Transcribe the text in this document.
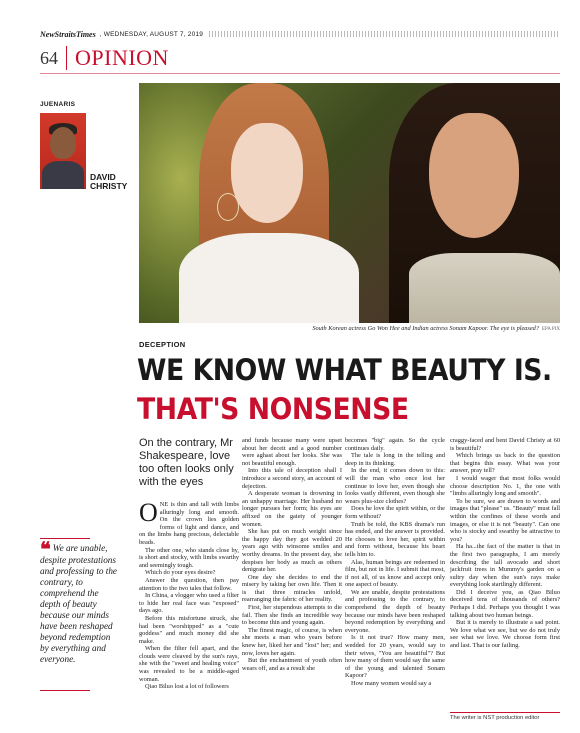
NewStraitsTimes , WEDNESDAY, AUGUST 7, 2019
64 OPINION
JUENARIS
DAVID
CHRISTY
South Korean actress Go Won Hee and Indian actress Sonam Kapoor. The eye is pleased? EPA PIX
DECEPTION
WE KNOW WHAT BEAUTY IS.
THAT'S NONSENSE
On the contrary, Mr Shakespeare, love too often looks only with the eyes

ONE is thin and tall with limbs alluringly long and smooth. On the crown lies golden forms of light and dance, and on the limbs hang precious, delectable beads.

The other one, who stands close by, is short and stocky, with limbs swarthy and seemingly tough.

Which do your eyes desire?

Answer the question, then pay attention to the two tales that follow.

In China, a vlogger who used a filter to hide her real face was "exposed" days ago.

Before this misfortune struck, she had been "worshipped" as a "cute goddess" and much money did she make.

When the filter fell apart, and the clouds were cleaved by the sun's rays, she with the "sweet and healing voice" was revealed to be a middle-aged woman.

Qiao Biluo lost a lot of followers

and funds because many were upset about her deceit and a good number were aghast about her looks. She was not beautiful enough.

Into this tale of deception shall I introduce a second story, an account of dejection.

A desperate woman is drowning in an unhappy marriage. Her husband no longer pursues her form; his eyes are affixed on the gaiety of younger women.

She has put on much weight since the happy day they got wedded 20 years ago with winsome smiles and worthy dreams. In the present day, she despises her body as much as others denigrate her.

One day she decides to end the misery by taking her own life. Then it is that three miracles unfold, rearranging the fabric of her reality.

First, her stupendous attempts to die fail. Then she finds an incredible way to become thin and young again.

The finest magic, of course, is when she meets a man who years before knew her, liked her and "lost" her; and now, loves her again.

But the enchantment of youth often wears off, and as a result she

becomes "big" again. So the cycle continues daily.

The tale is long in the telling and deep in its thinking.

In the end, it comes down to this: will the man who once lost her continue to love her, even though she looks vastly different, even though she wears plus-size clothes?

Does he love the spirit within, or the form without?

Truth be told, the KBS drama's run has ended, and the answer is provided. He chooses to love her, spirit within and form without, because his heart tells him to.

Alas, human beings are redeemed in film, but not in life. I submit that most, if not all, of us know and accept only one aspect of beauty.

We are unable, despite protestations and professing to the contrary, to comprehend the depth of beauty because our minds have been reshaped beyond redemption by everything and everyone.

Is it not true? How many men, wedded for 20 years, would say to their wives, "You are beautiful"? But how many of them would say the same of the young and talented Sonam Kapoor?

How many women would say a

craggy-faced and bent David Christy at 60 is beautiful?

Which brings us back to the question that begins this essay. What was your answer, pray tell?

I would wager that most folks would choose description No. 1, the one with "limbs alluringly long and smooth".

To be sure, we are drawn to words and images that "please" us. "Beauty" must fall within the confines of these words and images, or else it is not "beauty". Can one who is stocky and swarthy be attractive to you?

Ha ha...the fact of the matter is that in the first two paragraphs, I am merely describing the tall avocado and short jackfruit trees in Mummy's garden on a sultry day when the sun's rays make everything look startlingly different.

Did I deceive you, as Qiao Biluo deceived tens of thousands of others? Perhaps I did. Perhaps you thought I was talking about two human beings.

But it is merely to illustrate a sad point. We love what we see, but we do not truly see what we love. We choose form first and last. That is our failing.

❝ We are unable, despite protestations and professing to the contrary, to comprehend the depth of beauty because our minds have been reshaped beyond redemption by everything and everyone.
The writer is NST production editor
